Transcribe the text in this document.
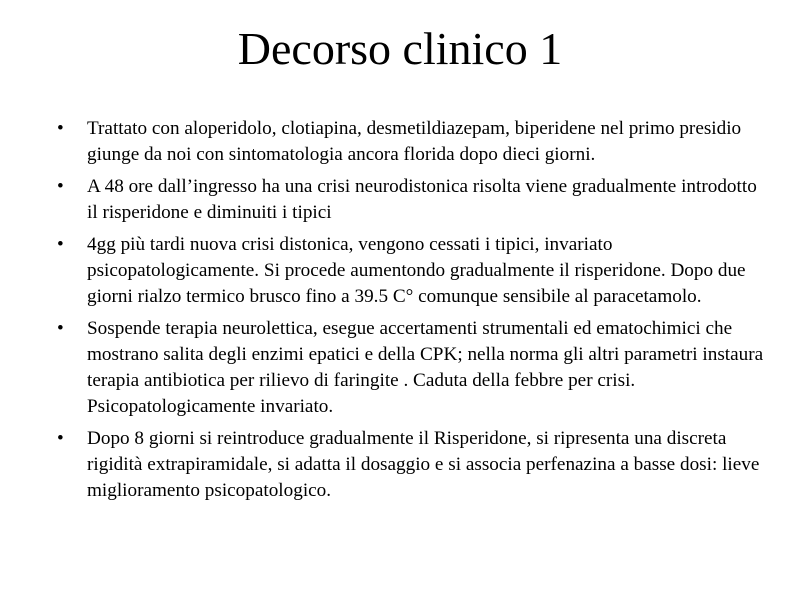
Decorso clinico 1
•	Trattato con aloperidolo, clotiapina, desmetildiazepam, biperidene nel primo presidio giunge da noi con sintomatologia ancora florida dopo dieci giorni.
•	A 48 ore dall’ingresso ha una crisi neurodistonica risolta viene gradualmente introdotto il risperidone e diminuiti i tipici
•	4gg più tardi nuova crisi distonica, vengono cessati i tipici, invariato psicopatologicamente. Si procede aumentondo gradualmente il risperidone. Dopo due giorni rialzo termico brusco fino a 39.5 C° comunque sensibile al paracetamolo.
•	Sospende terapia neurolettica, esegue accertamenti strumentali ed ematochimici che mostrano salita degli enzimi epatici e della CPK; nella norma gli altri parametri instaura terapia antibiotica per rilievo di faringite . Caduta della febbre per crisi. Psicopatologicamente invariato.
•	Dopo 8 giorni si reintroduce gradualmente il Risperidone, si ripresenta una discreta rigidità extrapiramidale, si adatta il dosaggio e si associa perfenazina a basse dosi: lieve miglioramento psicopatologico.
